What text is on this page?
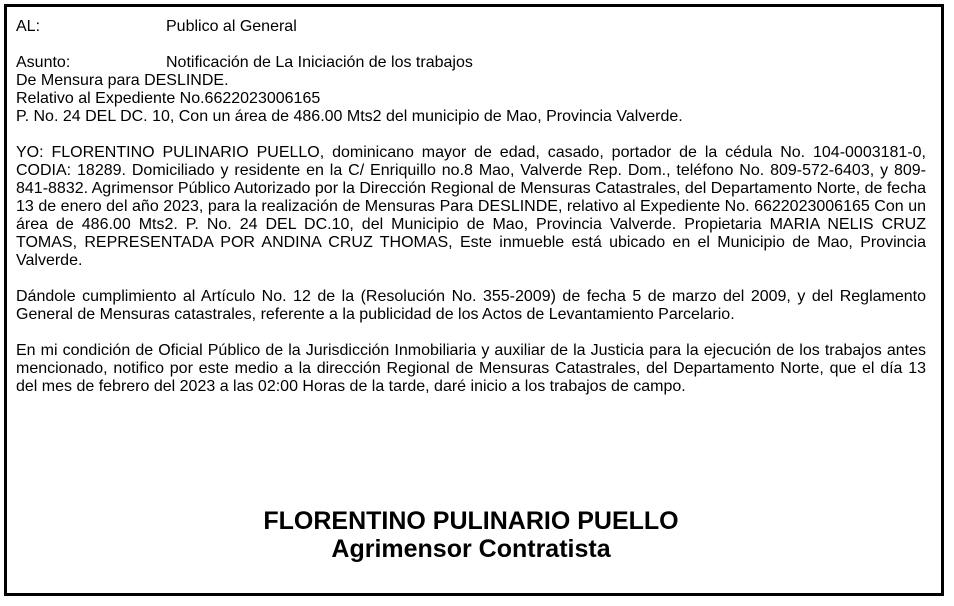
AL:	Publico al General
Asunto:	Notificación de La Iniciación de los trabajos
De Mensura para DESLINDE.
Relativo al Expediente No.6622023006165
P. No. 24 DEL DC. 10, Con un área de 486.00 Mts2 del municipio de Mao, Provincia Valverde.
YO: FLORENTINO PULINARIO PUELLO, dominicano mayor de edad, casado, portador de la cédula No. 104-0003181-0, CODIA: 18289. Domiciliado y residente en la C/ Enriquillo no.8 Mao, Valverde Rep. Dom., teléfono No. 809-572-6403, y 809-841-8832. Agrimensor Público Autorizado por la Dirección Regional de Mensuras Catastrales, del Departamento Norte, de fecha 13 de enero del año 2023, para la realización de Mensuras Para DESLINDE, relativo al Expediente No. 6622023006165 Con un área de 486.00 Mts2. P. No. 24 DEL DC.10, del Municipio de Mao, Provincia Valverde. Propietaria MARIA NELIS CRUZ TOMAS, REPRESENTADA POR ANDINA CRUZ THOMAS, Este inmueble está ubicado en el Municipio de Mao, Provincia Valverde.
Dándole cumplimiento al Artículo No. 12 de la (Resolución No. 355-2009) de fecha 5 de marzo del 2009, y del Reglamento General de Mensuras catastrales, referente a la publicidad de los Actos de Levantamiento Parcelario.
En mi condición de Oficial Público de la Jurisdicción Inmobiliaria y auxiliar de la Justicia para la ejecución de los trabajos antes mencionado, notifico por este medio a la dirección Regional de Mensuras Catastrales, del Departamento Norte, que el día 13 del mes de febrero del 2023 a las 02:00 Horas de la tarde, daré inicio a los trabajos de campo.
FLORENTINO PULINARIO PUELLO
Agrimensor Contratista
